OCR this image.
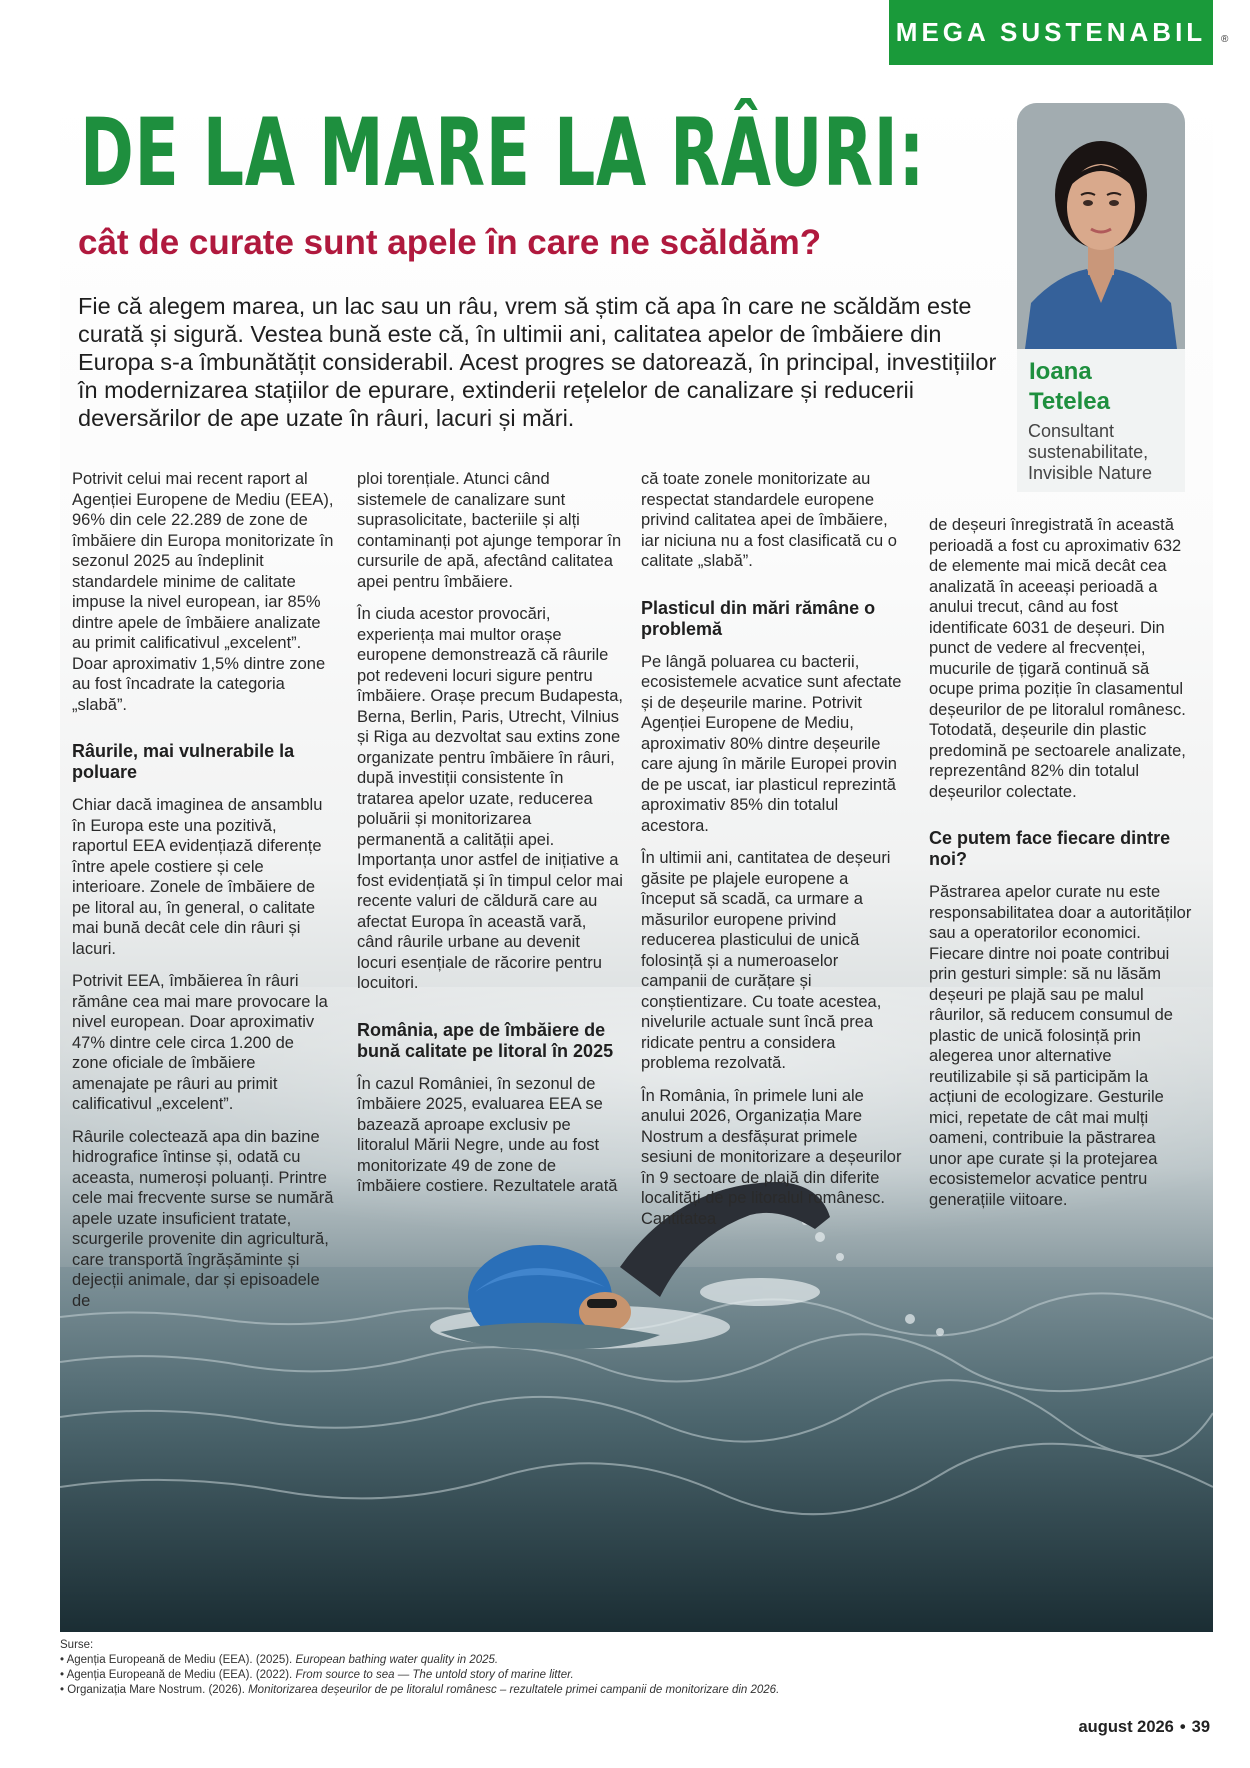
MEGA SUSTENABIL	®
DE LA MARE LA RÂURI:
cât de curate sunt apele în care ne scăldăm?

Fie că alegem marea, un lac sau un râu, vrem să știm că apa în care ne scăldăm este curată și sigură. Vestea bună este că, în ultimii ani, calitatea apelor de îmbăiere din Europa s-a îmbunătățit considerabil. Acest progres se datorează, în principal, investițiilor în modernizarea stațiilor de epurare, extinderii rețelelor de canalizare și reducerii deversărilor de ape uzate în râuri, lacuri și mări.

Ioana Tetelea

Consultant sustenabilitate, Invisible Nature

Potrivit celui mai recent raport al Agenției Europene de Mediu (EEA), 96% din cele 22.289 de zone de îmbăiere din Europa monitorizate în sezonul 2025 au îndeplinit standardele minime de calitate impuse la nivel european, iar 85% dintre apele de îmbăiere analizate au primit calificativul „excelent”. Doar aproximativ 1,5% dintre zone au fost încadrate la categoria „slabă”.

Râurile, mai vulnerabile la poluare

Chiar dacă imaginea de ansamblu în Europa este una pozitivă, raportul EEA evidențiază diferențe între apele costiere și cele interioare. Zonele de îmbăiere de pe litoral au, în general, o calitate mai bună decât cele din râuri și lacuri.

Potrivit EEA, îmbăierea în râuri rămâne cea mai mare provocare la nivel european. Doar aproximativ 47% dintre cele circa 1.200 de zone oficiale de îmbăiere amenajate pe râuri au primit calificativul „excelent”.

Râurile colectează apa din bazine hidrografice întinse și, odată cu aceasta, numeroși poluanți. Printre cele mai frecvente surse se numără apele uzate insuficient tratate, scurgerile provenite din agricultură, care transportă îngrășăminte și dejecții animale, dar și episoadele de

ploi torențiale. Atunci când sistemele de canalizare sunt suprasolicitate, bacteriile și alți contaminanți pot ajunge temporar în cursurile de apă, afectând calitatea apei pentru îmbăiere.

În ciuda acestor provocări, experiența mai multor orașe europene demonstrează că râurile pot redeveni locuri sigure pentru îmbăiere. Orașe precum Budapesta, Berna, Berlin, Paris, Utrecht, Vilnius și Riga au dezvoltat sau extins zone organizate pentru îmbăiere în râuri, după investiții consistente în tratarea apelor uzate, reducerea poluării și monitorizarea permanentă a calității apei. Importanța unor astfel de inițiative a fost evidențiată și în timpul celor mai recente valuri de căldură care au afectat Europa în această vară, când râurile urbane au devenit locuri esențiale de răcorire pentru locuitori.

România, ape de îmbăiere de bună calitate pe litoral în 2025

În cazul României, în sezonul de îmbăiere 2025, evaluarea EEA se bazează aproape exclusiv pe litoralul Mării Negre, unde au fost monitorizate 49 de zone de îmbăiere costiere. Rezultatele arată

că toate zonele monitorizate au respectat standardele europene privind calitatea apei de îmbăiere, iar niciuna nu a fost clasificată cu o calitate „slabă”.

Plasticul din mări rămâne o problemă

Pe lângă poluarea cu bacterii, ecosistemele acvatice sunt afectate și de deșeurile marine. Potrivit Agenției Europene de Mediu, aproximativ 80% dintre deșeurile care ajung în mările Europei provin de pe uscat, iar plasticul reprezintă aproximativ 85% din totalul acestora.

În ultimii ani, cantitatea de deșeuri găsite pe plajele europene a început să scadă, ca urmare a măsurilor europene privind reducerea plasticului de unică folosință și a numeroaselor campanii de curățare și conștientizare. Cu toate acestea, nivelurile actuale sunt încă prea ridicate pentru a considera problema rezolvată.

În România, în primele luni ale anului 2026, Organizația Mare Nostrum a desfășurat primele sesiuni de monitorizare a deșeurilor în 9 sectoare de plajă din diferite localități de pe litoralul românesc. Cantitatea

de deșeuri înregistrată în această perioadă a fost cu aproximativ 632 de elemente mai mică decât cea analizată în aceeași perioadă a anului trecut, când au fost identificate 6031 de deșeuri. Din punct de vedere al frecvenței, mucurile de țigară continuă să ocupe prima poziție în clasamentul deșeurilor de pe litoralul românesc. Totodată, deșeurile din plastic predomină pe sectoarele analizate, reprezentând 82% din totalul deșeurilor colectate.

Ce putem face fiecare dintre noi?

Păstrarea apelor curate nu este responsabilitatea doar a autorităților sau a operatorilor economici. Fiecare dintre noi poate contribui prin gesturi simple: să nu lăsăm deșeuri pe plajă sau pe malul râurilor, să reducem consumul de plastic de unică folosință prin alegerea unor alternative reutilizabile și să participăm la acțiuni de ecologizare. Gesturile mici, repetate de cât mai mulți oameni, contribuie la păstrarea unor ape curate și la protejarea ecosistemelor acvatice pentru generațiile viitoare.

Surse:
• Agenția Europeană de Mediu (EEA). (2025). European bathing water quality in 2025.
• Agenția Europeană de Mediu (EEA). (2022). From source to sea — The untold story of marine litter.
• Organizația Mare Nostrum. (2026). Monitorizarea deșeurilor de pe litoralul românesc – rezultatele primei campanii de monitorizare din 2026.
august 2026 • 39
